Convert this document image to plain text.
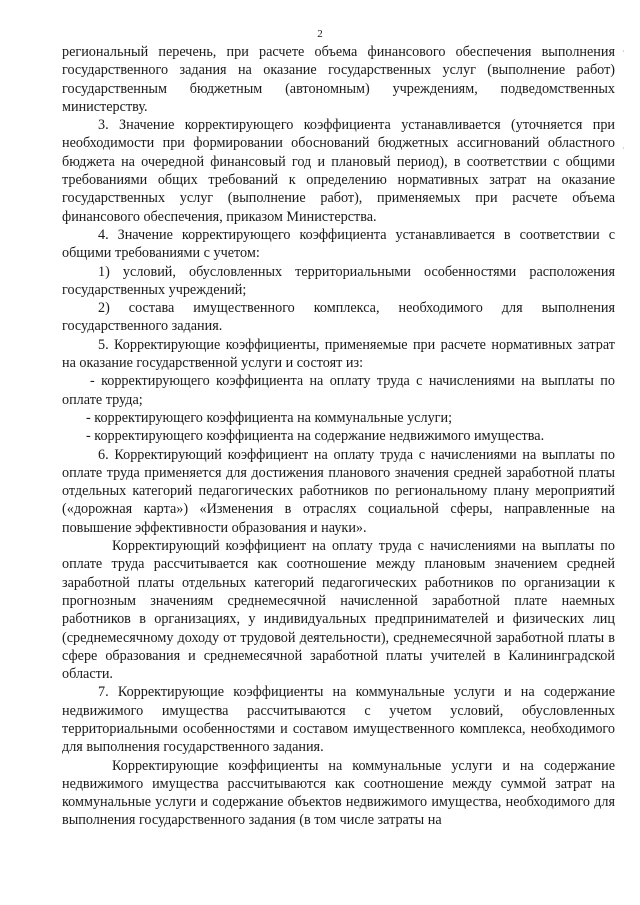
2
·
·

региональный перечень, при расчете объема финансового обеспечения выполнения государственного задания на оказание государственных услуг (выполнение работ) государственным бюджетным (автономным) учреждениям, подведомственных министерству.

3. Значение корректирующего коэффициента устанавливается (уточняется при необходимости при формировании обоснований бюджетных ассигнований областного бюджета на очередной финансовый год и плановый период), в соответствии с общими требованиями общих требований к определению нормативных затрат на оказание государственных услуг (выполнение работ), применяемых при расчете объема финансового обеспечения, приказом Министерства.

4. Значение корректирующего коэффициента устанавливается в соответствии с общими требованиями с учетом:

1) условий, обусловленных территориальными особенностями расположения государственных учреждений;

2) состава имущественного комплекса, необходимого для выполнения государственного задания.

5. Корректирующие коэффициенты, применяемые при расчете нормативных затрат на оказание государственной услуги и состоят из:

- корректирующего коэффициента на оплату труда с начислениями на выплаты по оплате труда;

- корректирующего коэффициента на коммунальные услуги;

- корректирующего коэффициента на содержание недвижимого имущества.

6. Корректирующий коэффициент на оплату труда с начислениями на выплаты по оплате труда применяется для достижения планового значения средней заработной платы отдельных категорий педагогических работников по региональному плану мероприятий («дорожная карта») «Изменения в отраслях социальной сферы, направленные на повышение эффективности образования и науки».

Корректирующий коэффициент на оплату труда с начислениями на выплаты по оплате труда рассчитывается как соотношение между плановым значением средней заработной платы отдельных категорий педагогических работников по организации к прогнозным значениям среднемесячной начисленной заработной плате наемных работников в организациях, у индивидуальных предпринимателей и физических лиц (среднемесячному доходу от трудовой деятельности), среднемесячной заработной платы в сфере образования и среднемесячной заработной платы учителей в Калининградской области.

7. Корректирующие коэффициенты на коммунальные услуги и на содержание недвижимого имущества рассчитываются с учетом условий, обусловленных территориальными особенностями и составом имущественного комплекса, необходимого для выполнения государственного задания.

Корректирующие коэффициенты на коммунальные услуги и на содержание недвижимого имущества рассчитываются как соотношение между суммой затрат на коммунальные услуги и содержание объектов недвижимого имущества, необходимого для выполнения государственного задания (в том числе затраты на
